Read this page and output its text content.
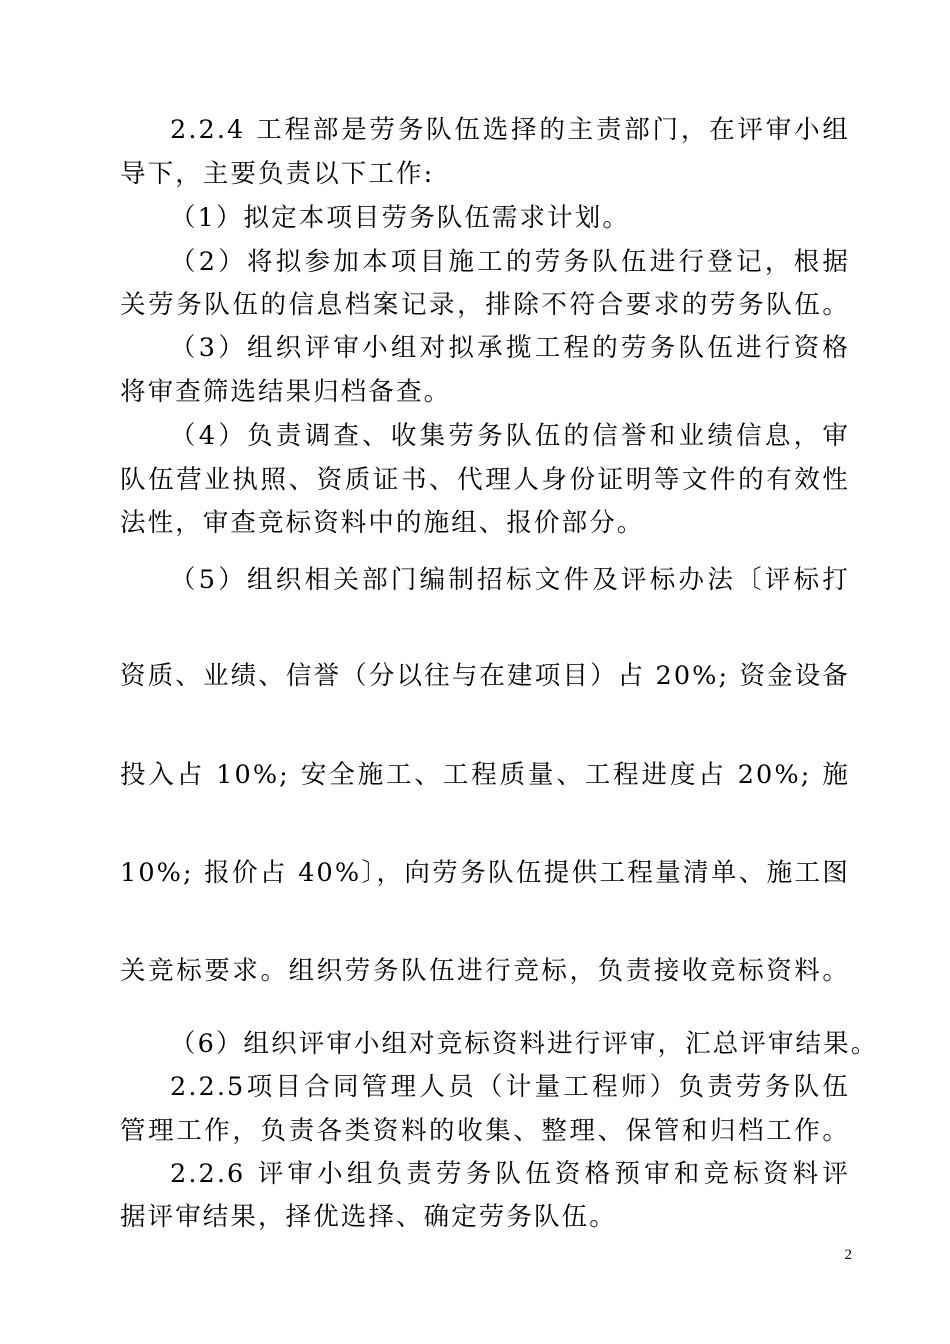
2.2.4 工程部是劳务队伍选择的主责部门，在评审小组
导下，主要负责以下工作:
（1）拟定本项目劳务队伍需求计划。
（2）将拟参加本项目施工的劳务队伍进行登记，根据
关劳务队伍的信息档案记录，排除不符合要求的劳务队伍。
（3）组织评审小组对拟承揽工程的劳务队伍进行资格
将审查筛选结果归档备查。
（4）负责调查、收集劳务队伍的信誉和业绩信息，审
队伍营业执照、资质证书、代理人身份证明等文件的有效性
法性，审查竞标资料中的施组、报价部分。
（5）组织相关部门编制招标文件及评标办法〔评标打
资质、业绩、信誉（分以往与在建项目）占 20%; 资金设备
投入占 10%; 安全施工、工程质量、工程进度占 20%; 施
10%; 报价占 40%〕，向劳务队伍提供工程量清单、施工图
关竞标要求。组织劳务队伍进行竞标，负责接收竞标资料。
（6）组织评审小组对竞标资料进行评审，汇总评审结果。
2.2.5项目合同管理人员（计量工程师）负责劳务队伍
管理工作，负责各类资料的收集、整理、保管和归档工作。
2.2.6 评审小组负责劳务队伍资格预审和竞标资料评
据评审结果，择优选择、确定劳务队伍。
2
